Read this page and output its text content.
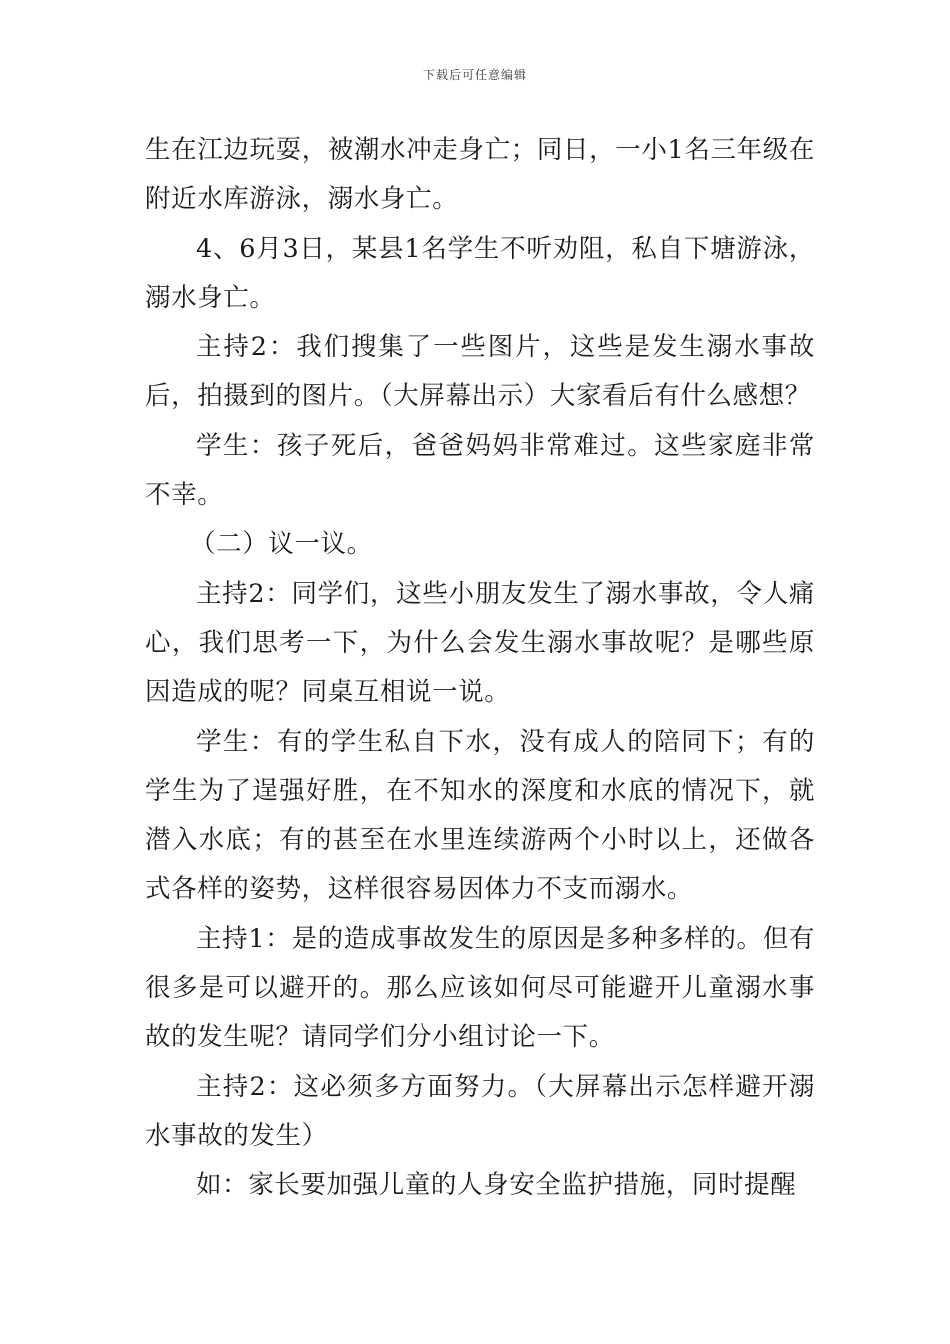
下载后可任意编辑

生在江边玩耍，被潮水冲走身亡；同日，一小1名三年级在附近水库游泳，溺水身亡。

4、6月3日，某县1名学生不听劝阻，私自下塘游泳，溺水身亡。

主持2：我们搜集了一些图片，这些是发生溺水事故后，拍摄到的图片。（大屏幕出示）大家看后有什么感想？

学生：孩子死后，爸爸妈妈非常难过。这些家庭非常不幸。

（二）议一议。

主持2：同学们，这些小朋友发生了溺水事故，令人痛心，我们思考一下，为什么会发生溺水事故呢？是哪些原因造成的呢？同桌互相说一说。

学生：有的学生私自下水，没有成人的陪同下；有的学生为了逞强好胜，在不知水的深度和水底的情况下，就潜入水底；有的甚至在水里连续游两个小时以上，还做各式各样的姿势，这样很容易因体力不支而溺水。

主持1：是的造成事故发生的原因是多种多样的。但有很多是可以避开的。那么应该如何尽可能避开儿童溺水事故的发生呢？请同学们分小组讨论一下。

主持2：这必须多方面努力。（大屏幕出示怎样避开溺水事故的发生）

如：家长要加强儿童的人身安全监护措施，同时提醒
